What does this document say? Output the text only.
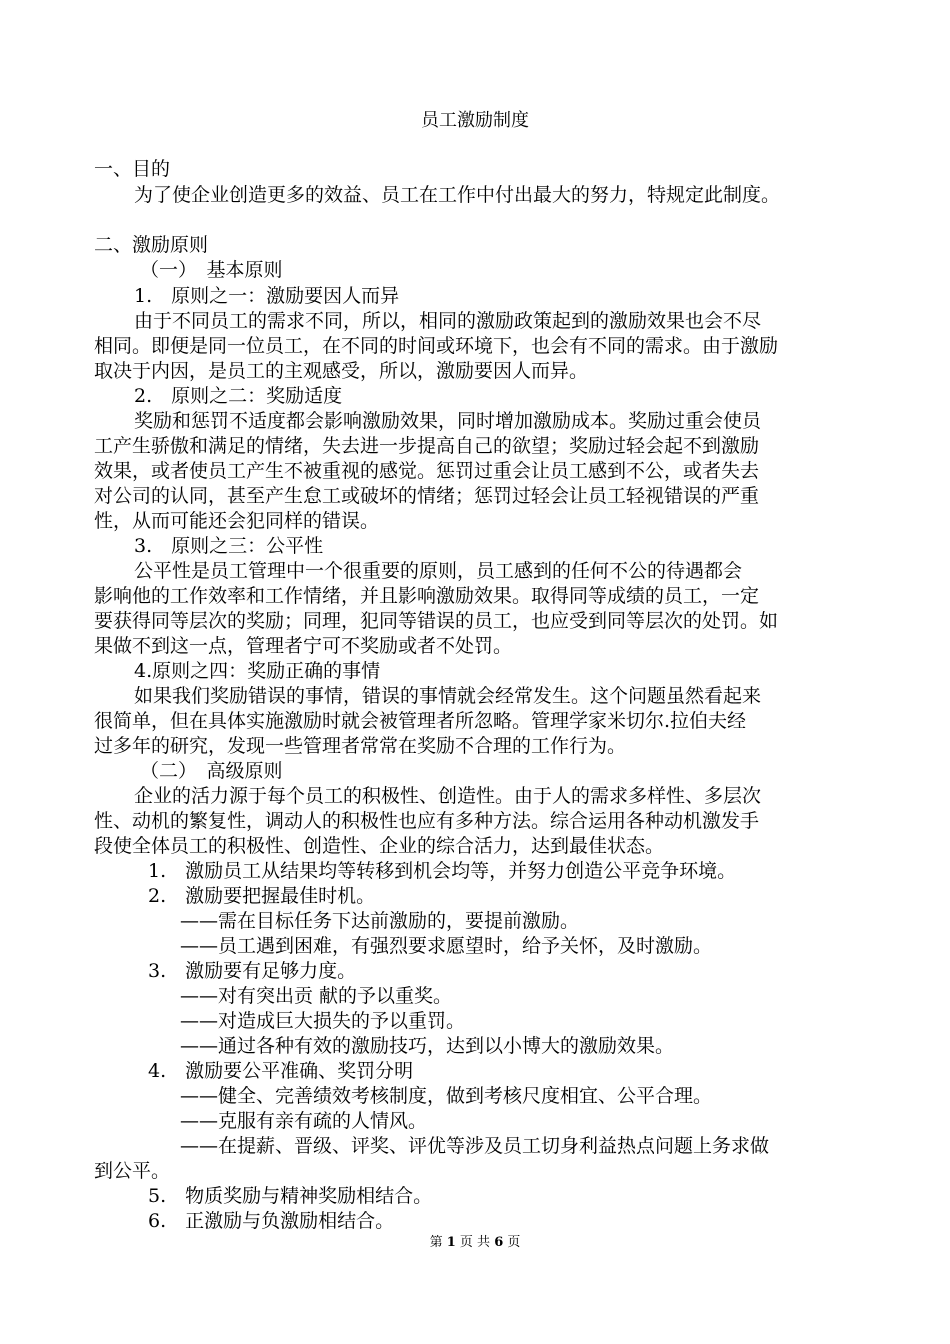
员工激励制度
一、目的
为了使企业创造更多的效益、员工在工作中付出最大的努力，特规定此制度。
二、激励原则
（一）　基本原则
1.　原则之一：激励要因人而异
由于不同员工的需求不同，所以，相同的激励政策起到的激励效果也会不尽
相同。即便是同一位员工，在不同的时间或环境下，也会有不同的需求。由于激励
取决于内因，是员工的主观感受，所以，激励要因人而异。
2.　原则之二：奖励适度
奖励和惩罚不适度都会影响激励效果，同时增加激励成本。奖励过重会使员
工产生骄傲和满足的情绪，失去进一步提高自己的欲望；奖励过轻会起不到激励
效果，或者使员工产生不被重视的感觉。惩罚过重会让员工感到不公，或者失去
对公司的认同，甚至产生怠工或破坏的情绪；惩罚过轻会让员工轻视错误的严重
性，从而可能还会犯同样的错误。
3.　原则之三：公平性
公平性是员工管理中一个很重要的原则，员工感到的任何不公的待遇都会
影响他的工作效率和工作情绪，并且影响激励效果。取得同等成绩的员工，一定
要获得同等层次的奖励；同理，犯同等错误的员工，也应受到同等层次的处罚。如
果做不到这一点，管理者宁可不奖励或者不处罚。
4.原则之四：奖励正确的事情
如果我们奖励错误的事情，错误的事情就会经常发生。这个问题虽然看起来
很简单，但在具体实施激励时就会被管理者所忽略。管理学家米切尔.拉伯夫经
过多年的研究，发现一些管理者常常在奖励不合理的工作行为。
（二）　高级原则
企业的活力源于每个员工的积极性、创造性。由于人的需求多样性、多层次
性、动机的繁复性，调动人的积极性也应有多种方法。综合运用各种动机激发手
段使全体员工的积极性、创造性、企业的综合活力，达到最佳状态。
1.　激励员工从结果均等转移到机会均等，并努力创造公平竞争环境。
2.　激励要把握最佳时机。
——需在目标任务下达前激励的，要提前激励。
——员工遇到困难，有强烈要求愿望时，给予关怀，及时激励。
3.　激励要有足够力度。
——对有突出贡 献的予以重奖。
——对造成巨大损失的予以重罚。
——通过各种有效的激励技巧，达到以小博大的激励效果。
4.　激励要公平准确、奖罚分明
——健全、完善绩效考核制度，做到考核尺度相宜、公平合理。
——克服有亲有疏的人情风。
——在提薪、晋级、评奖、评优等涉及员工切身利益热点问题上务求做
到公平。
5.　物质奖励与精神奖励相结合。
6.　正激励与负激励相结合。
第 1 页 共 6 页
